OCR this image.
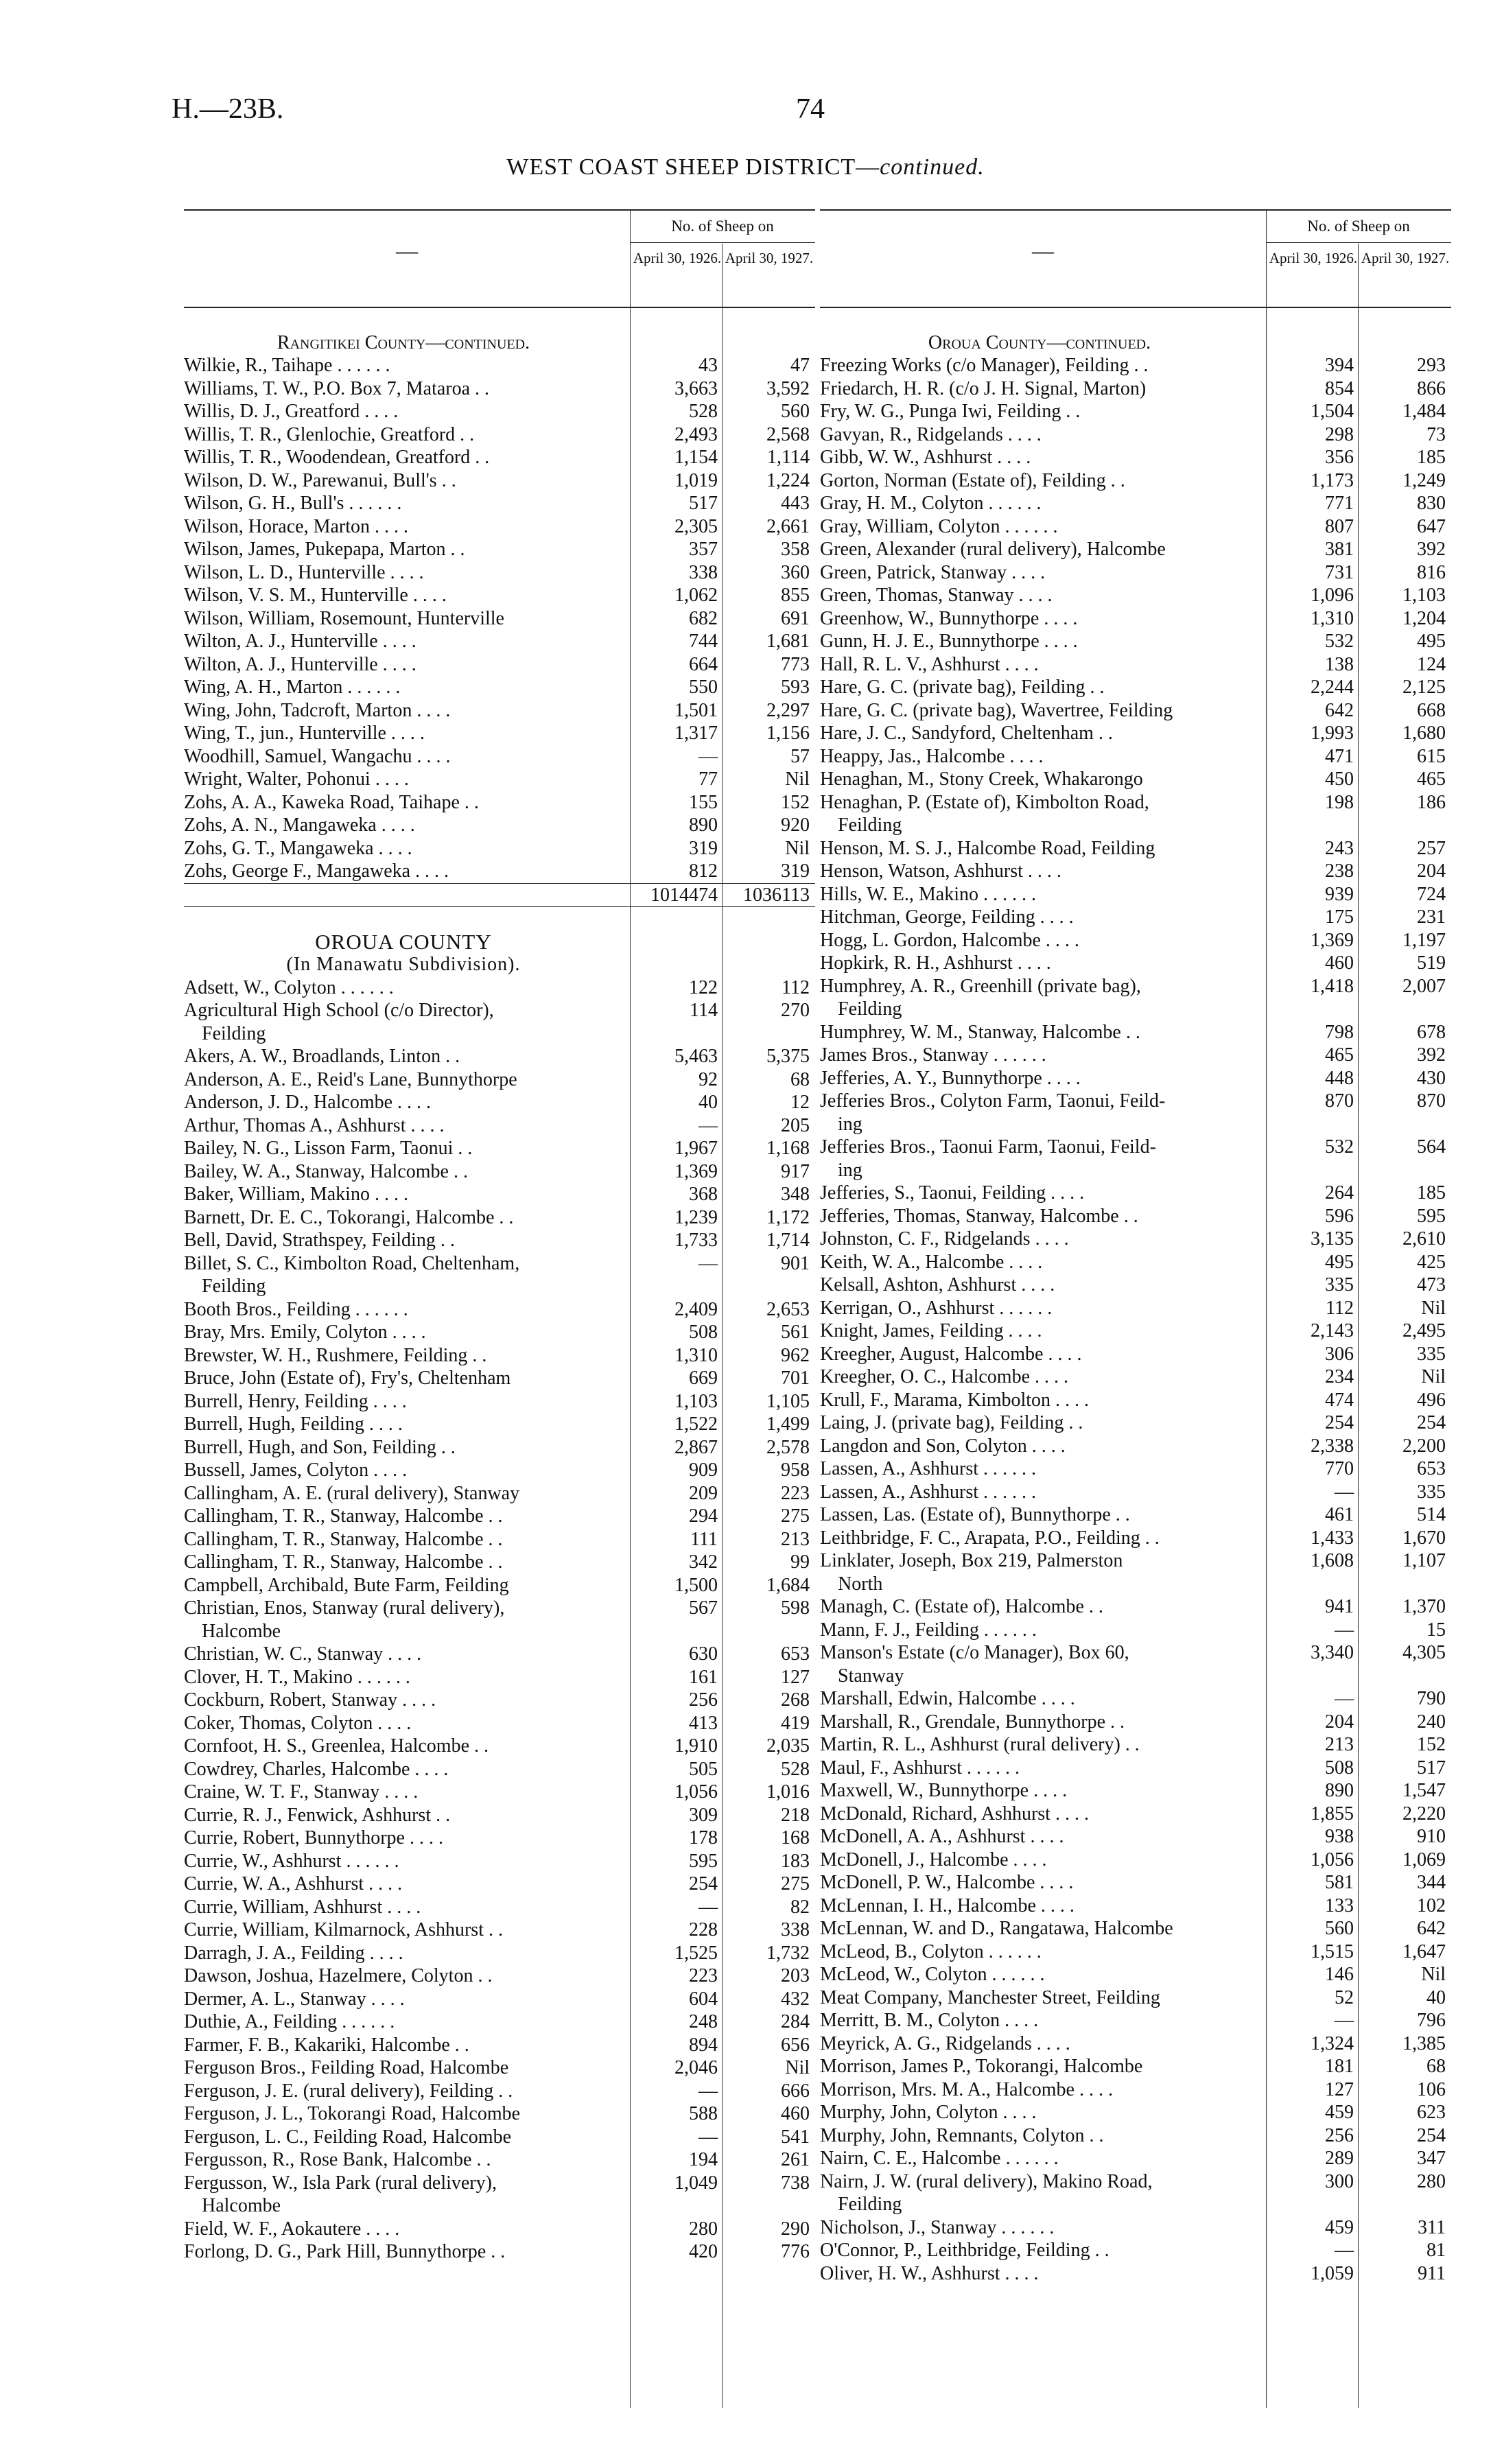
H.—23B.	74
WEST COAST SHEEP DISTRICT—continued.
—
No. of Sheep on
April 30, 1926. April 30, 1927.
Rangitikei County—continued.
Wilkie, R., Taihape . . . . . .	43	47
Williams, T. W., P.O. Box 7, Mataroa . .	3,663	3,592
Willis, D. J., Greatford . . . .	528	560
Willis, T. R., Glenlochie, Greatford . .	2,493	2,568
Willis, T. R., Woodendean, Greatford . .	1,154	1,114
Wilson, D. W., Parewanui, Bull's . .	1,019	1,224
Wilson, G. H., Bull's . . . . . .	517	443
Wilson, Horace, Marton . . . .	2,305	2,661
Wilson, James, Pukepapa, Marton . .	357	358
Wilson, L. D., Hunterville . . . .	338	360
Wilson, V. S. M., Hunterville . . . .	1,062	855
Wilson, William, Rosemount, Hunterville	682	691
Wilton, A. J., Hunterville . . . .	744	1,681
Wilton, A. J., Hunterville . . . .	664	773
Wing, A. H., Marton . . . . . .	550	593
Wing, John, Tadcroft, Marton . . . .	1,501	2,297
Wing, T., jun., Hunterville . . . .	1,317	1,156
Woodhill, Samuel, Wangachu . . . .	—	57
Wright, Walter, Pohonui . . . .	77	Nil
Zohs, A. A., Kaweka Road, Taihape . .	155	152
Zohs, A. N., Mangaweka . . . .	890	920
Zohs, G. T., Mangaweka . . . .	319	Nil
Zohs, George F., Mangaweka . . . .	812	319
1014474	1036113
OROUA COUNTY
(In Manawatu Subdivision).
Adsett, W., Colyton . . . . . .	122	112
Agricultural High School (c/o Director),	114	270
Feilding
Akers, A. W., Broadlands, Linton . .	5,463	5,375
Anderson, A. E., Reid's Lane, Bunnythorpe	92	68
Anderson, J. D., Halcombe . . . .	40	12
Arthur, Thomas A., Ashhurst . . . .	—	205
Bailey, N. G., Lisson Farm, Taonui . .	1,967	1,168
Bailey, W. A., Stanway, Halcombe . .	1,369	917
Baker, William, Makino . . . .	368	348
Barnett, Dr. E. C., Tokorangi, Halcombe . .	1,239	1,172
Bell, David, Strathspey, Feilding . .	1,733	1,714
Billet, S. C., Kimbolton Road, Cheltenham,	—	901
Feilding
Booth Bros., Feilding . . . . . .	2,409	2,653
Bray, Mrs. Emily, Colyton . . . .	508	561
Brewster, W. H., Rushmere, Feilding . .	1,310	962
Bruce, John (Estate of), Fry's, Cheltenham	669	701
Burrell, Henry, Feilding . . . .	1,103	1,105
Burrell, Hugh, Feilding . . . .	1,522	1,499
Burrell, Hugh, and Son, Feilding . .	2,867	2,578
Bussell, James, Colyton . . . .	909	958
Callingham, A. E. (rural delivery), Stanway	209	223
Callingham, T. R., Stanway, Halcombe . .	294	275
Callingham, T. R., Stanway, Halcombe . .	111	213
Callingham, T. R., Stanway, Halcombe . .	342	99
Campbell, Archibald, Bute Farm, Feilding	1,500	1,684
Christian, Enos, Stanway (rural delivery),	567	598
Halcombe
Christian, W. C., Stanway . . . .	630	653
Clover, H. T., Makino . . . . . .	161	127
Cockburn, Robert, Stanway . . . .	256	268
Coker, Thomas, Colyton . . . .	413	419
Cornfoot, H. S., Greenlea, Halcombe . .	1,910	2,035
Cowdrey, Charles, Halcombe . . . .	505	528
Craine, W. T. F., Stanway . . . .	1,056	1,016
Currie, R. J., Fenwick, Ashhurst . .	309	218
Currie, Robert, Bunnythorpe . . . .	178	168
Currie, W., Ashhurst . . . . . .	595	183
Currie, W. A., Ashhurst . . . .	254	275
Currie, William, Ashhurst . . . .	—	82
Currie, William, Kilmarnock, Ashhurst . .	228	338
Darragh, J. A., Feilding . . . .	1,525	1,732
Dawson, Joshua, Hazelmere, Colyton . .	223	203
Dermer, A. L., Stanway . . . .	604	432
Duthie, A., Feilding . . . . . .	248	284
Farmer, F. B., Kakariki, Halcombe . .	894	656
Ferguson Bros., Feilding Road, Halcombe	2,046	Nil
Ferguson, J. E. (rural delivery), Feilding . .	—	666
Ferguson, J. L., Tokorangi Road, Halcombe	588	460
Ferguson, L. C., Feilding Road, Halcombe	—	541
Fergusson, R., Rose Bank, Halcombe . .	194	261
Fergusson, W., Isla Park (rural delivery),	1,049	738
Halcombe
Field, W. F., Aokautere . . . .	280	290
Forlong, D. G., Park Hill, Bunnythorpe . .	420	776
—
No. of Sheep on
April 30, 1926. April 30, 1927.
Oroua County—continued.
Freezing Works (c/o Manager), Feilding . .	394	293
Friedarch, H. R. (c/o J. H. Signal, Marton)	854	866
Fry, W. G., Punga Iwi, Feilding . .	1,504	1,484
Gavyan, R., Ridgelands . . . .	298	73
Gibb, W. W., Ashhurst . . . .	356	185
Gorton, Norman (Estate of), Feilding . .	1,173	1,249
Gray, H. M., Colyton . . . . . .	771	830
Gray, William, Colyton . . . . . .	807	647
Green, Alexander (rural delivery), Halcombe	381	392
Green, Patrick, Stanway . . . .	731	816
Green, Thomas, Stanway . . . .	1,096	1,103
Greenhow, W., Bunnythorpe . . . .	1,310	1,204
Gunn, H. J. E., Bunnythorpe . . . .	532	495
Hall, R. L. V., Ashhurst . . . .	138	124
Hare, G. C. (private bag), Feilding . .	2,244	2,125
Hare, G. C. (private bag), Wavertree, Feilding	642	668
Hare, J. C., Sandyford, Cheltenham . .	1,993	1,680
Heappy, Jas., Halcombe . . . .	471	615
Henaghan, M., Stony Creek, Whakarongo	450	465
Henaghan, P. (Estate of), Kimbolton Road,	198	186
Feilding
Henson, M. S. J., Halcombe Road, Feilding	243	257
Henson, Watson, Ashhurst . . . .	238	204
Hills, W. E., Makino . . . . . .	939	724
Hitchman, George, Feilding . . . .	175	231
Hogg, L. Gordon, Halcombe . . . .	1,369	1,197
Hopkirk, R. H., Ashhurst . . . .	460	519
Humphrey, A. R., Greenhill (private bag),	1,418	2,007
Feilding
Humphrey, W. M., Stanway, Halcombe . .	798	678
James Bros., Stanway . . . . . .	465	392
Jefferies, A. Y., Bunnythorpe . . . .	448	430
Jefferies Bros., Colyton Farm, Taonui, Feild-	870	870
ing
Jefferies Bros., Taonui Farm, Taonui, Feild-	532	564
ing
Jefferies, S., Taonui, Feilding . . . .	264	185
Jefferies, Thomas, Stanway, Halcombe . .	596	595
Johnston, C. F., Ridgelands . . . .	3,135	2,610
Keith, W. A., Halcombe . . . .	495	425
Kelsall, Ashton, Ashhurst . . . .	335	473
Kerrigan, O., Ashhurst . . . . . .	112	Nil
Knight, James, Feilding . . . .	2,143	2,495
Kreegher, August, Halcombe . . . .	306	335
Kreegher, O. C., Halcombe . . . .	234	Nil
Krull, F., Marama, Kimbolton . . . .	474	496
Laing, J. (private bag), Feilding . .	254	254
Langdon and Son, Colyton . . . .	2,338	2,200
Lassen, A., Ashhurst . . . . . .	770	653
Lassen, A., Ashhurst . . . . . .	—	335
Lassen, Las. (Estate of), Bunnythorpe . .	461	514
Leithbridge, F. C., Arapata, P.O., Feilding . .	1,433	1,670
Linklater, Joseph, Box 219, Palmerston	1,608	1,107
North
Managh, C. (Estate of), Halcombe . .	941	1,370
Mann, F. J., Feilding . . . . . .	—	15
Manson's Estate (c/o Manager), Box 60,	3,340	4,305
Stanway
Marshall, Edwin, Halcombe . . . .	—	790
Marshall, R., Grendale, Bunnythorpe . .	204	240
Martin, R. L., Ashhurst (rural delivery) . .	213	152
Maul, F., Ashhurst . . . . . .	508	517
Maxwell, W., Bunnythorpe . . . .	890	1,547
McDonald, Richard, Ashhurst . . . .	1,855	2,220
McDonell, A. A., Ashhurst . . . .	938	910
McDonell, J., Halcombe . . . .	1,056	1,069
McDonell, P. W., Halcombe . . . .	581	344
McLennan, I. H., Halcombe . . . .	133	102
McLennan, W. and D., Rangatawa, Halcombe	560	642
McLeod, B., Colyton . . . . . .	1,515	1,647
McLeod, W., Colyton . . . . . .	146	Nil
Meat Company, Manchester Street, Feilding	52	40
Merritt, B. M., Colyton . . . .	—	796
Meyrick, A. G., Ridgelands . . . .	1,324	1,385
Morrison, James P., Tokorangi, Halcombe	181	68
Morrison, Mrs. M. A., Halcombe . . . .	127	106
Murphy, John, Colyton . . . .	459	623
Murphy, John, Remnants, Colyton . .	256	254
Nairn, C. E., Halcombe . . . . . .	289	347
Nairn, J. W. (rural delivery), Makino Road,	300	280
Feilding
Nicholson, J., Stanway . . . . . .	459	311
O'Connor, P., Leithbridge, Feilding . .	—	81
Oliver, H. W., Ashhurst . . . .	1,059	911
